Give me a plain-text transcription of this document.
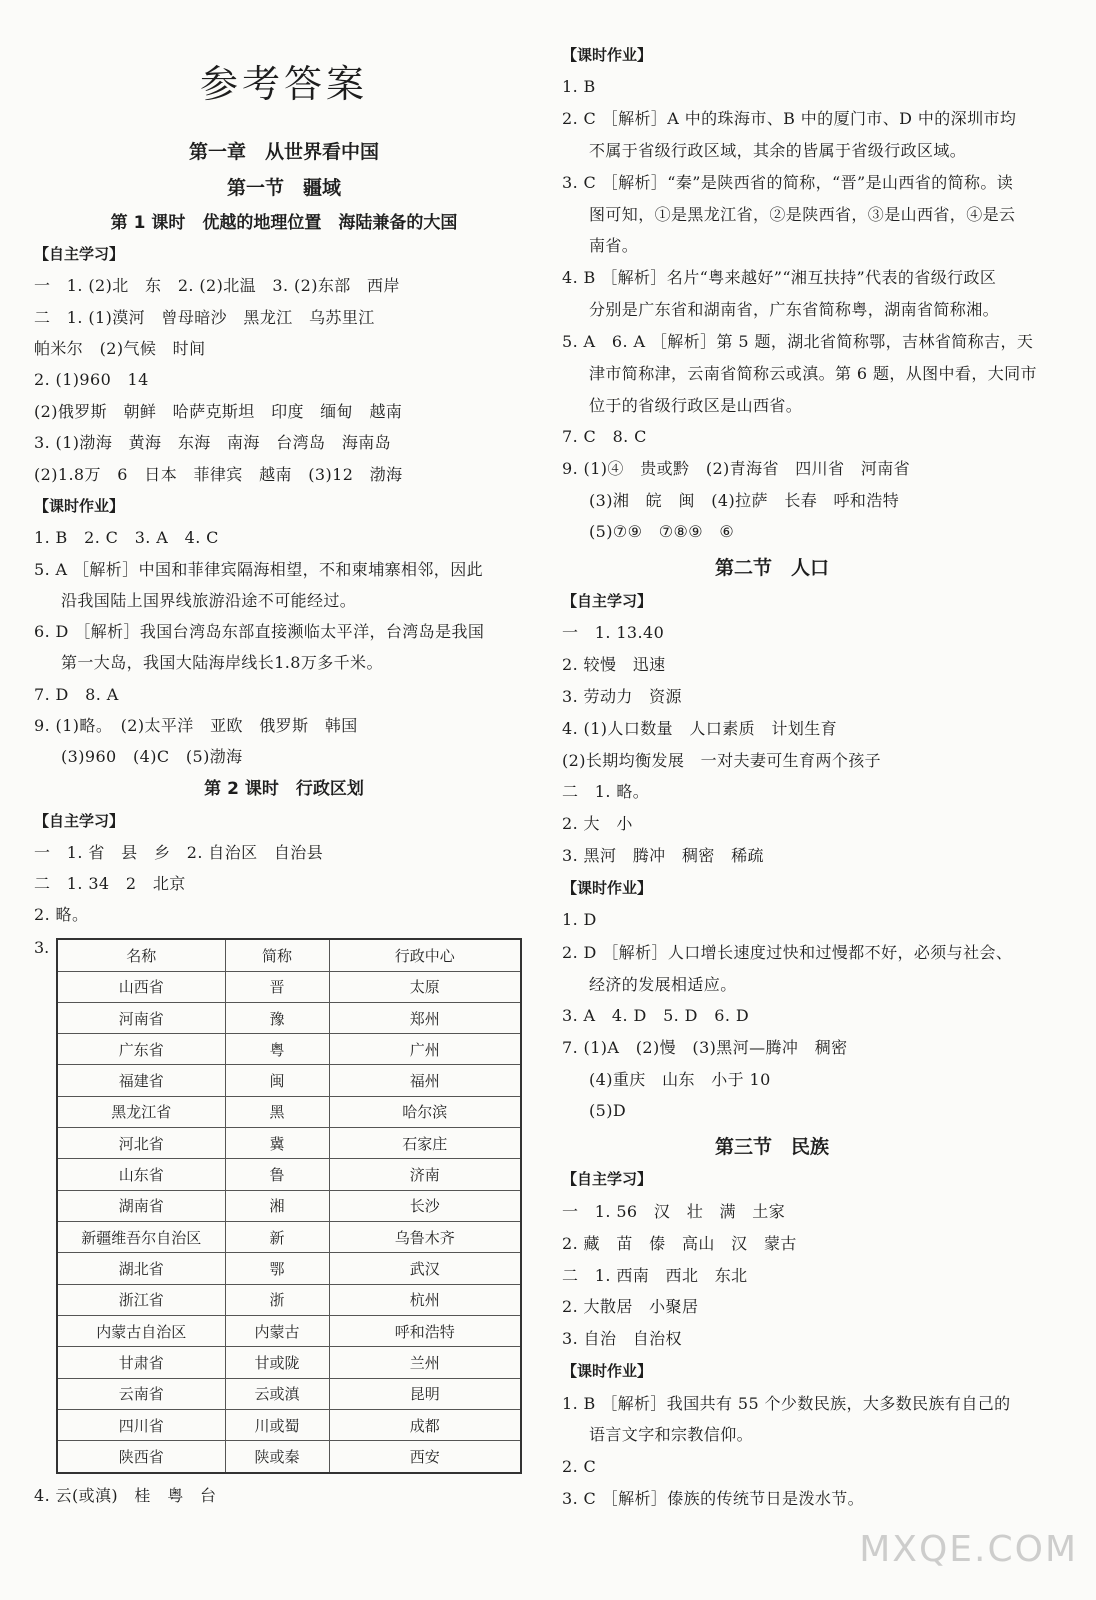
参考答案
第一章　从世界看中国
第一节　疆域
第 1 课时　优越的地理位置　海陆兼备的大国
【自主学习】
一　1. (2)北　东　2. (2)北温　3. (2)东部　西岸
二　1. (1)漠河　曾母暗沙　黑龙江　乌苏里江
帕米尔　(2)气候　时间
2. (1)960　14
(2)俄罗斯　朝鲜　哈萨克斯坦　印度　缅甸　越南
3. (1)渤海　黄海　东海　南海　台湾岛　海南岛
(2)1.8万　6　日本　菲律宾　越南　(3)12　渤海
【课时作业】
1. B　2. C　3. A　4. C
5. A ［解析］中国和菲律宾隔海相望，不和柬埔寨相邻，因此
沿我国陆上国界线旅游沿途不可能经过。
6. D ［解析］我国台湾岛东部直接濒临太平洋，台湾岛是我国
第一大岛，我国大陆海岸线长1.8万多千米。
7. D　8. A
9. (1)略。　(2)太平洋　亚欧　俄罗斯　韩国
(3)960　(4)C　(5)渤海
第 2 课时　行政区划
【自主学习】
一　1. 省　县　乡　2. 自治区　自治县
二　1. 34　2　北京
2. 略。
3.	名称	简称	行政中心
山西省	晋	太原
河南省	豫	郑州
广东省	粤	广州
福建省	闽	福州
黑龙江省	黑	哈尔滨
河北省	冀	石家庄
山东省	鲁	济南
湖南省	湘	长沙
新疆维吾尔自治区	新	乌鲁木齐
湖北省	鄂	武汉
浙江省	浙	杭州
内蒙古自治区	内蒙古	呼和浩特
甘肃省	甘或陇	兰州
云南省	云或滇	昆明
四川省	川或蜀	成都
陕西省	陕或秦	西安
4. 云(或滇)　桂　粤　台
【课时作业】
1. B
2. C ［解析］A 中的珠海市、B 中的厦门市、D 中的深圳市均
不属于省级行政区域，其余的皆属于省级行政区域。
3. C ［解析］“秦”是陕西省的简称，“晋”是山西省的简称。读
图可知，①是黑龙江省，②是陕西省，③是山西省，④是云
南省。
4. B ［解析］名片“粤来越好”“湘互扶持”代表的省级行政区
分别是广东省和湖南省，广东省简称粤，湖南省简称湘。
5. A　6. A ［解析］第 5 题，湖北省简称鄂，吉林省简称吉，天
津市简称津，云南省简称云或滇。第 6 题，从图中看，大同市
位于的省级行政区是山西省。
7. C　8. C
9. (1)④　贵或黔　(2)青海省　四川省　河南省
(3)湘　皖　闽　(4)拉萨　长春　呼和浩特
(5)⑦⑨　⑦⑧⑨　⑥
第二节　人口
【自主学习】
一　1. 13.40
2. 较慢　迅速
3. 劳动力　资源
4. (1)人口数量　人口素质　计划生育
(2)长期均衡发展　一对夫妻可生育两个孩子
二　1. 略。
2. 大　小
3. 黑河　腾冲　稠密　稀疏
【课时作业】
1. D
2. D ［解析］人口增长速度过快和过慢都不好，必须与社会、
经济的发展相适应。
3. A　4. D　5. D　6. D
7. (1)A　(2)慢　(3)黑河—腾冲　稠密
(4)重庆　山东　小于 10
(5)D
第三节　民族
【自主学习】
一　1. 56　汉　壮　满　土家
2. 藏　苗　傣　高山　汉　蒙古
二　1. 西南　西北　东北
2. 大散居　小聚居
3. 自治　自治权
【课时作业】
1. B ［解析］我国共有 55 个少数民族，大多数民族有自己的
语言文字和宗教信仰。
2. C
3. C ［解析］傣族的传统节日是泼水节。
MXQE.COM
